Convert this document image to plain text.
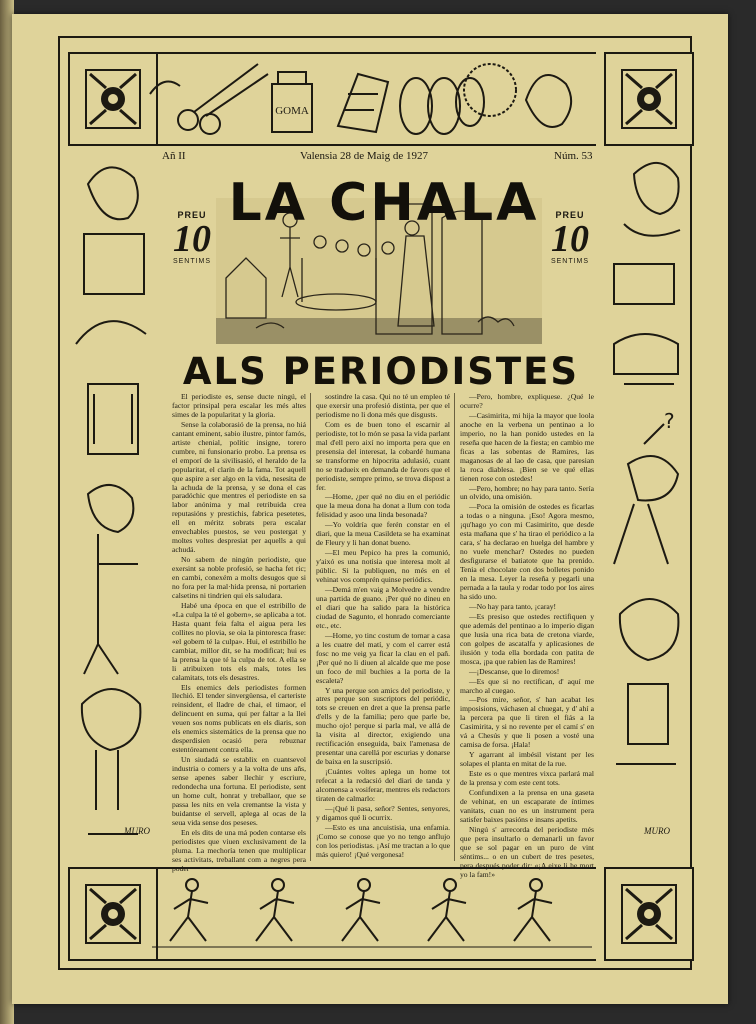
GOMA
MURO
?
MURO
Añ II	Valensia 28 de Maig de 1927	Núm. 53
LA CHALA
PREU
10
SENTIMS
PREU
10
SENTIMS
ALS PERIODISTES

El periodiste es, sense ducte ningú, el factor prinsipal pera escalar les més altes simes de la popularitat y la gloria.

Sense la colaborasió de la prensa, no hiá cantant eminent, sabio ilustre, pintor famós, artiste chenial, polític insigne, torero cumbre, ni funsionario probo. La prensa es el emporí de la sivilisasió, el heraldo de la popularitat, el clarín de la fama. Tot aquell que aspire a ser algo en la vida, nesesita de la achuda de la prensa, y se dona el cas paradóchic que mentres el periodiste en sa labor anónima y mal retribuida crea reputasións y prestichis, fabrica pesetetes, ell en méritz sobrats pera escalar envechables puestos, se veu postergat y moltes voltes despresiat per aquells a qui achudá.

No sabem de ningún periodiste, que exersint sa noble profesió, se hacha fet ric; en cambi, conexém a molts desugos que si no fora per la mal·hida prensa, ni portarien calsetins ni tindrien qui els saludara.

Habé una época en que el estribillo de «La culpa la té el gobern», se aplicaba a tot. Hasta quant feia falta el aigua pera les collites no plovia, se oia la pintoresca frase: «el gobern té la culpa». Hui, el estribillo he cambiat, millor dit, se ha modificat; hui es la prensa la que té la culpa de tot. A ella se li atribuixen tots els mals, totes les calamitats, tots els desastres.

Els enemics dels periodistes formen llechió. El tender sinvergüensa, el carteriste reinsident, el lladre de chai, el timaor, el delincuent en suma, qui per faltar a la llei veuen sos noms publicats en els diaris, son els enemics sistemátics de la prensa que no desperdisien ocasió pera rebuznar estentóreament contra ella.

Un siudadá se establix en cuantsevol industria o comers y a la volta de uns añs, sense apenes saber llechir y escriure, redondecha una fortuna. El periodiste, sent un home cult, honrat y treballaor, que se passa les nits en vela cremantse la vista y buidantse el servell, aplega al ocas de la seua vida sense dos peseses.

En els dits de una má poden contarse els periodistes que viuen exclusivament de la pluma. La mechoría tenen que multiplicar ses activitats, treballant com a negres pera poder

sostindre la casa. Qui no té un empleo té que exersir una profesió distinta, per que el periodisme no li dona més que disgusts.

Com es de buen tono el escarnir al periodiste, tot lo món se pasa la vida parlant mal d'ell pero així no importa pera que en presensia del interesat, la cobardé humana se transforme en hipocrita adulasió, cuant no se tradueix en demanda de favors que el periodiste, sempre primo, se trova dispost a fer.

—Home, ¿per qué no diu en el periódic que la meua dona ha donat a llum con toda felisidad y asoo una linda besonada?

—Yo voldría que ferén constar en el diari, que la meua Casildeta se ha examinat de Fleury y li han donat bueno.

—El meu Pepico ha pres la comunió, y'aixó es una notisia que interesa molt al públic. Si la publiquen, no més en el vehinat vos comprén quinse periódics.

—Demá m'en vaig a Molvedre a vendre una partida de guano. ¡Per qué no dineu en el diari que ha salido para la histórica ciudad de Sagunto, el honrado comerciante etc., etc.

—Home, yo tinc costum de tornar a casa a les cuatre del matí, y com el carrer está fosc no me veig ya ficar la clau en el pañ. ¡Per qué no li diuen al alcalde que me pose un foco de mil buchies a la porta de la escaleta?

Y una perque son amics del periodiste, y atres perque son suscriptors del periódic, tots se creuen en dret a que la prensa parle d'ells y de la familia; pero que parle be, mucho ojo! perque si parla mal, ve allá de la visita al director, exigiendo una rectificación enseguida, baix l'amenasa de presentar una carellá por escurias y donarse de baixa en la suscripsió.

¡Cuántes voltes aplega un home tot refecat a la redacsió del diari de tanda y alcomensa a vosiferar, mentres els redactors tiraten de calmarlo:

—¡Qué li pasa, señor? Sentes, senyores, y digamos qué li ocurrix.

—Esto es una ancuistisia, una enfamia. ¡Como se conose que yo no tengo anflujo con los periodistas. ¡Así me tractan a lo que más quiero! ¡Qué vergonesa!

—Pero, hombre, expliquese. ¿Qué le ocurre?

—Casimirita, mi hija la mayor que loola anoche en la verbena un pentinao a lo imperio, no la han ponido ustedes en la reseña que hacen de la fiesta; en cambio me ficas a las sobentas de Ramires, las maganosas de al lao de casa, que paresian la roca diablesa. ¡Bien se ve qué ellas tienen rose con ostedes!

—Pero, hombre; no hay para tanto. Sería un olvido, una omisión.

—Poca la omisión de ostedes es ficarlas a todas o a ninguna. ¡Eso! Agora mesmo, ¡qu'hago yo con mi Casimirito, que desde esta mañana que s' ha tirao el periódico a la cara, s' ha declarao en huelga del hambre y no vuele menchar? Ostedes no pueden desfigurarse el batiatote que ha prenido. Tenia el chocolate con dos bolletes ponido en la mesa. Leyer la reseña y pegarli una pernada a la taula y rodar todo por los aires ha sido uno.

—No hay para tanto, ¡caray!

—Es presiso que ostedes rectifiquen y que además del pentinao a lo imperio digan que lusía una rica bata de cretona viarde, con golpes de ascatalfa y aplicasiones de ilusión y toda ella bordada con patita de mosca, ¡pa que rabien las de Ramires!

—¡Descanse, que lo diremos!

—Es que si no rectifican, d' aquí me marcho al cuegao.

—Pos mire, señor, s' han acabat les imposisions, váchasen al chuegat, y d' ahí a la percera pa que li tiren el fiás a la Casimirita, y si no revente per el camí s' en vá a Chesús y que li posen a vosté una camisa de forsa. ¡Hala!

Y agarrant al imbésil vistant per les solapes el planta en mitat de la rue.

Este es o que mentres vixca parlará mal de la prensa y com este cent tots.

Confundixen a la prensa en una gaseta de vehinat, en un escaparate de íntimes vanitats, cuan no es un instrument pera satisfer baixes pasións e insans apetits.

Ningú s' arrecorda del periodiste més que pera insultarlo o demanarli un favor que se sol pagar en un puro de vint séntims... o en un cubert de tres pesetes, pera después poder dir: «¡A eixe li he mort yo la fam!»
